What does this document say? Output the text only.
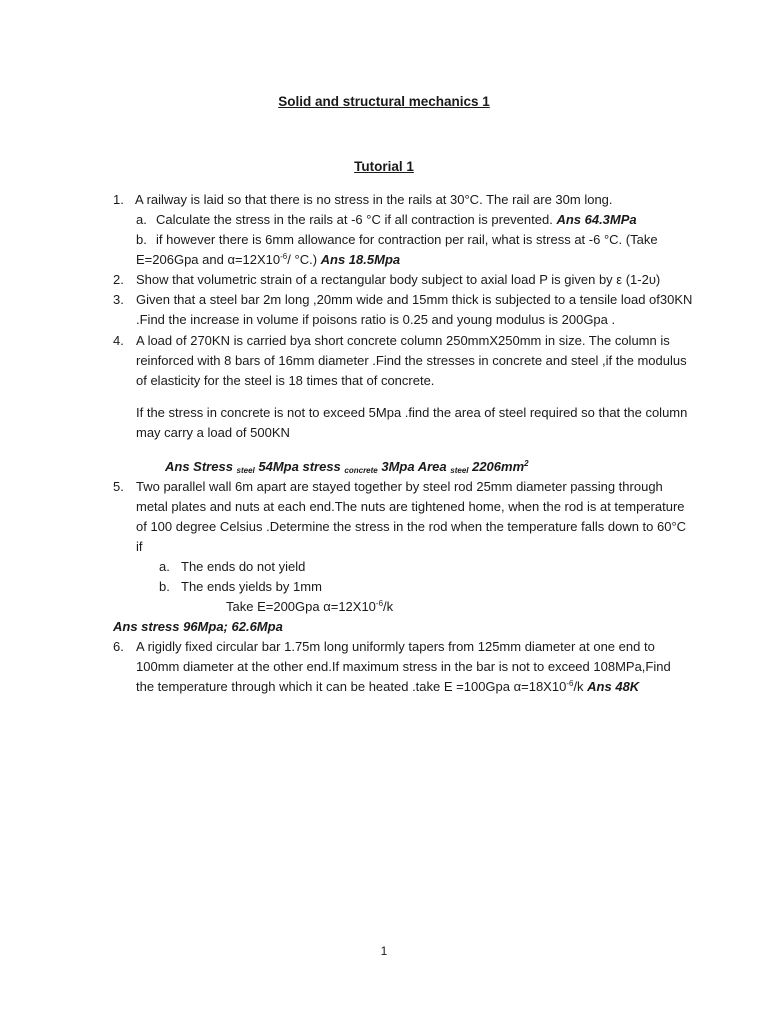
Solid and structural mechanics 1
Tutorial 1
1. A railway is laid so that there is no stress in the rails at 30°C. The rail are 30m long.
a. Calculate the stress in the rails at -6 °C if all contraction is prevented. Ans 64.3MPa
b. if however there is 6mm allowance for contraction per rail, what is stress at -6 °C. (Take
E=206Gpa and $\alpha=12X10^{-6}/$ °C.) Ans 18.5Mpa
2. Show that volumetric strain of a rectangular body subject to axial load P is given by ε (1-2υ)
3. Given that a steel bar 2m long ,20mm wide and 15mm thick is subjected to a tensile load of30KN
.Find the increase in volume if poisons ratio is 0.25 and young modulus is 200Gpa .
4. A load of 270KN is carried bya short concrete column 250mmX250mm in size. The column is
reinforced with 8 bars of 16mm diameter .Find the stresses in concrete and steel ,if the modulus
of elasticity for the steel is 18 times that of concrete.
If the stress in concrete is not to exceed 5Mpa .find the area of steel required so that the column
may carry a load of 500KN
Ans Stress $_{steel}$ 54Mpa stress $_{concrete}$ 3Mpa Area $_{steel}$ $2206mm^2$
5. Two parallel wall 6m apart are stayed together by steel rod 25mm diameter passing through
metal plates and nuts at each end.The nuts are tightened home, when the rod is at temperature
of 100 degree Celsius .Determine the stress in the rod when the temperature falls down to 60°C
if
a. The ends do not yield
b. The ends yields by 1mm
Take E=200Gpa $\alpha=12X10^{-6}/k$
Ans stress 96Mpa; 62.6Mpa
6. A rigidly fixed circular bar 1.75m long uniformly tapers from 125mm diameter at one end to
100mm diameter at the other end.If maximum stress in the bar is not to exceed 108MPa,Find
the temperature through which it can be heated .take E =100Gpa $\alpha=18X10^{-6}/k$ Ans 48K
1
